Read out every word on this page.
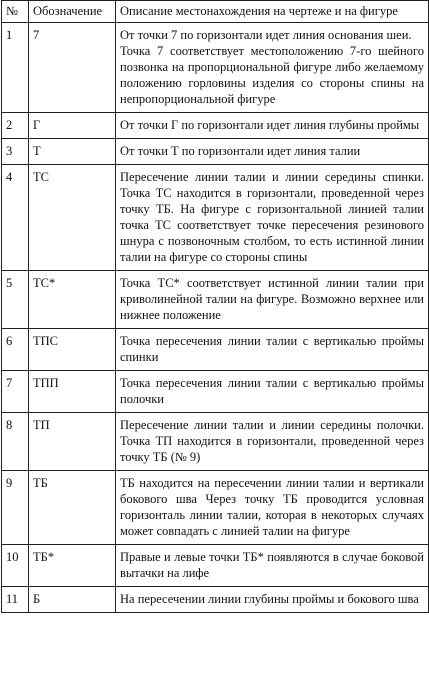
№	Обозначение	Описание местонахождения на чертеже и на фигуре
1	7	От точки 7 по горизонтали идет линия основания шеи.
Точка 7 соответствует местоположению 7-го шейного позвонка на пропорциональной фигуре либо желаемому положению горловины изделия со стороны спины на непропорциональной фигуре

2	Г	От точки Г по горизонтали идет линия глубины проймы

3	Т	От точки Т по горизонтали идет линия талии

4	ТС	Пересечение линии талии и линии середины спинки. Точка ТС находится в горизонтали, проведенной через точку ТБ. На фигуре с горизонтальной линией талии точка ТС соответствует точке пересечения резинового шнура с позвоночным столбом, то есть истинной линии талии на фигуре со стороны спины

5	ТС*	Точка ТС* соответствует истинной линии талии при криволинейной талии на фигуре. Возможно верхнее или нижнее положение

6	ТПС	Точка пересечения линии талии с вертикалью проймы спинки

7	ТПП	Точка пересечения линии талии с вертикалью проймы полочки

8	ТП	Пересечение линии талии и линии середины полочки. Точка ТП находится в горизонтали, проведенной через точку ТБ (№ 9)

9	ТБ	ТБ находится на пересечении линии талии и вертикали бокового шва Через точку ТБ проводится условная горизонталь линии талии, которая в некоторых случаях может совпадать с линией талии на фигуре

10	ТБ*	Правые и левые точки ТБ* появляются в случае боковой вытачки на лифе

11	Б	На пересечении линии глубины проймы и бокового шва
